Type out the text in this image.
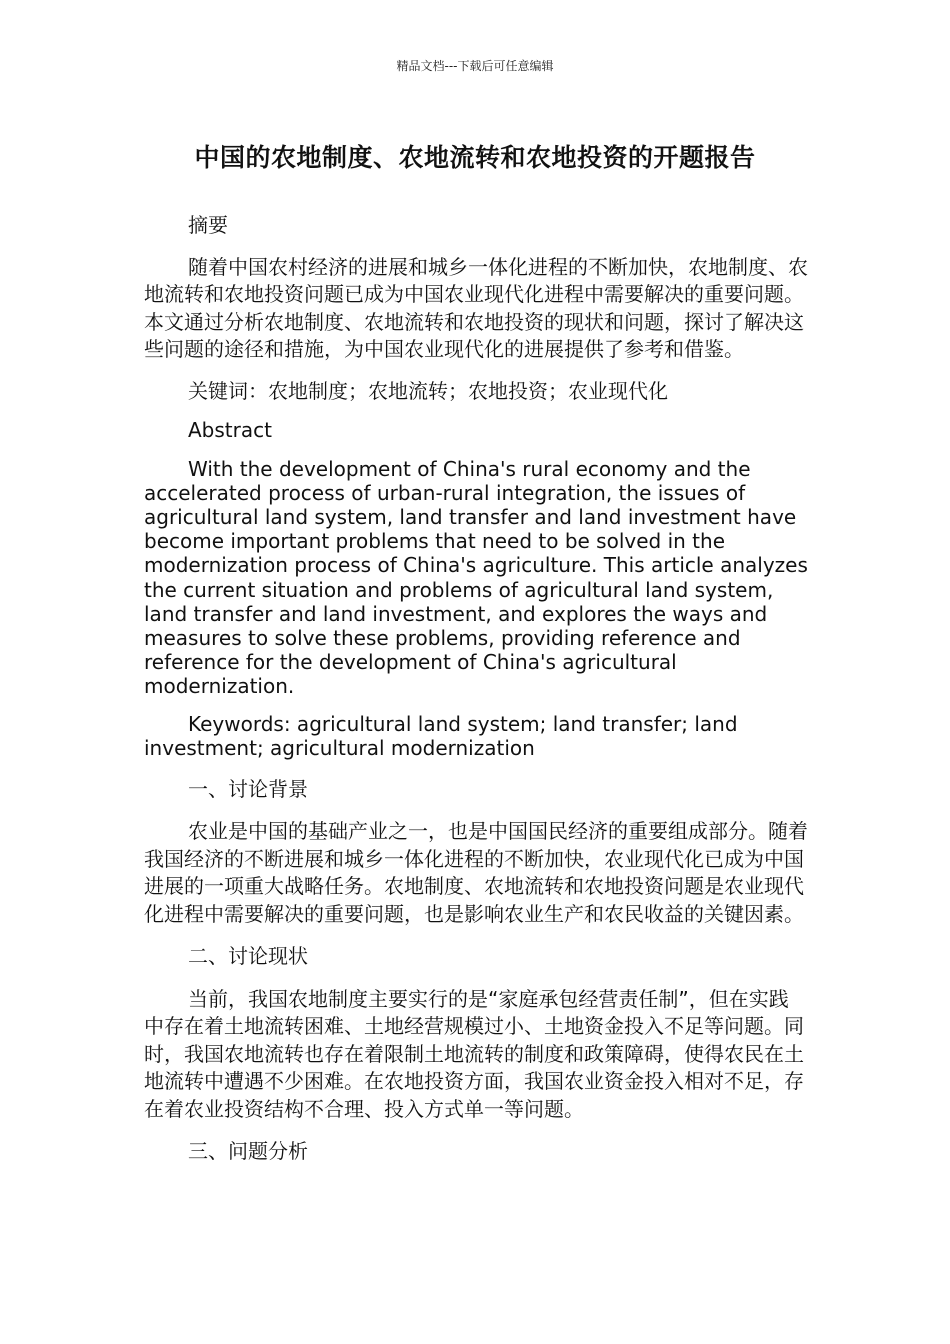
精品文档---下载后可任意编辑
中国的农地制度、农地流转和农地投资的开题报告

摘要

随着中国农村经济的进展和城乡一体化进程的不断加快，农地制度、农地流转和农地投资问题已成为中国农业现代化进程中需要解决的重要问题。本文通过分析农地制度、农地流转和农地投资的现状和问题，探讨了解决这些问题的途径和措施，为中国农业现代化的进展提供了参考和借鉴。

关键词：农地制度；农地流转；农地投资；农业现代化

Abstract

With the development of China's rural economy and the accelerated process of urban-rural integration, the issues of agricultural land system, land transfer and land investment have become important problems that need to be solved in the modernization process of China's agriculture. This article analyzes the current situation and problems of agricultural land system, land transfer and land investment, and explores the ways and measures to solve these problems, providing reference and reference for the development of China's agricultural modernization.

Keywords: agricultural land system; land transfer; land investment; agricultural modernization

一、讨论背景

农业是中国的基础产业之一，也是中国国民经济的重要组成部分。随着我国经济的不断进展和城乡一体化进程的不断加快，农业现代化已成为中国进展的一项重大战略任务。农地制度、农地流转和农地投资问题是农业现代化进程中需要解决的重要问题，也是影响农业生产和农民收益的关键因素。

二、讨论现状

当前，我国农地制度主要实行的是“家庭承包经营责任制”，但在实践中存在着土地流转困难、土地经营规模过小、土地资金投入不足等问题。同时，我国农地流转也存在着限制土地流转的制度和政策障碍，使得农民在土地流转中遭遇不少困难。在农地投资方面，我国农业资金投入相对不足，存在着农业投资结构不合理、投入方式单一等问题。

三、问题分析
